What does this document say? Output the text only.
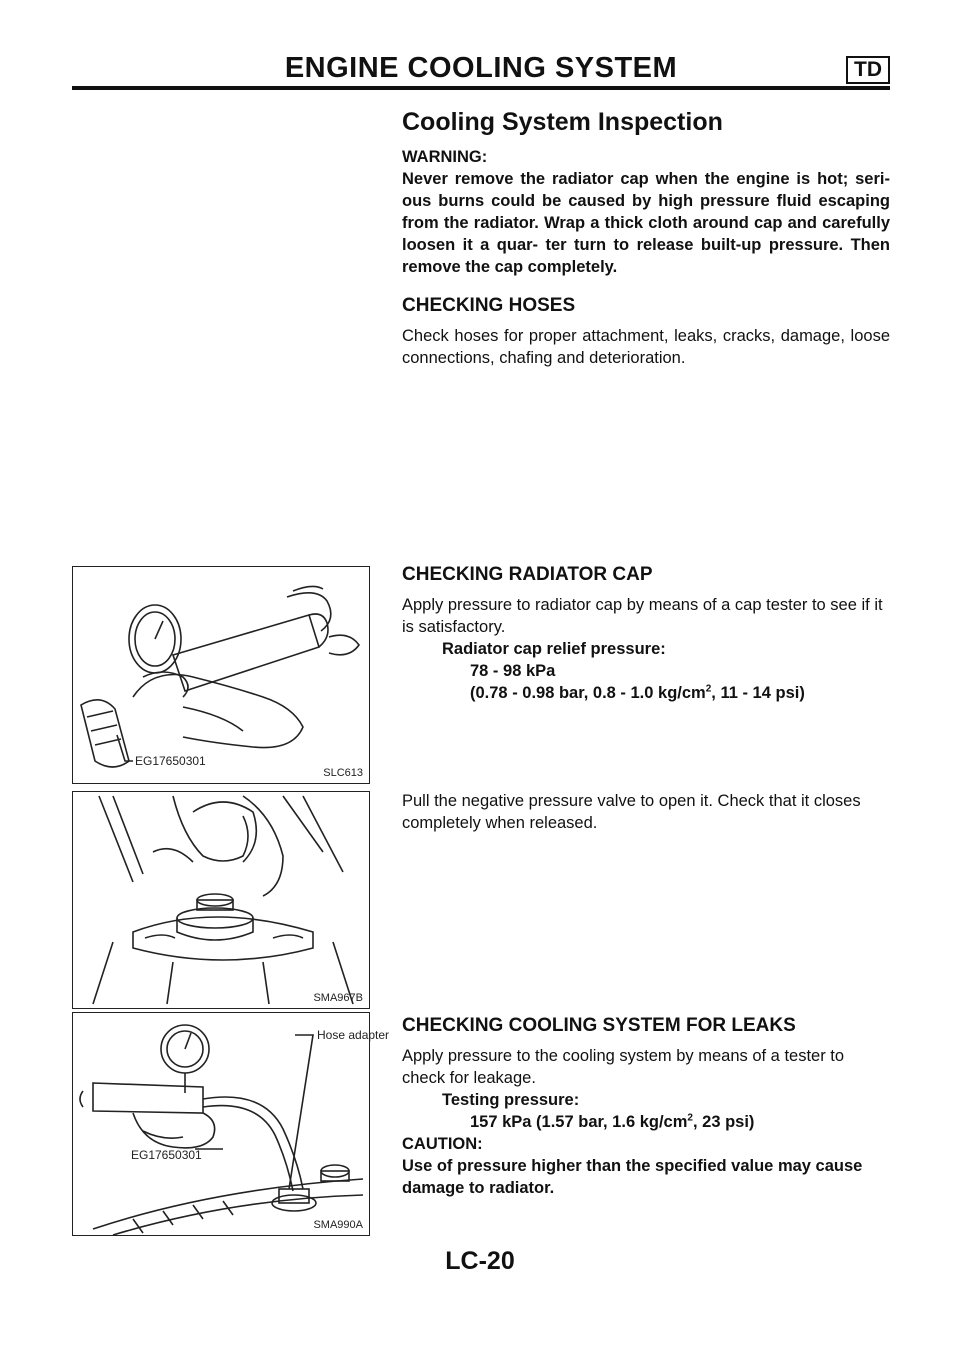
ENGINE COOLING SYSTEM	TD
Cooling System Inspection

WARNING:

Never remove the radiator cap when the engine is hot; seri- ous burns could be caused by high pressure fluid escaping from the radiator. Wrap a thick cloth around cap and carefully loosen it a quar- ter turn to release built-up pressure. Then remove the cap completely.

CHECKING HOSES

Check hoses for proper attachment, leaks, cracks, damage, loose connections, chafing and deterioration.

CHECKING RADIATOR CAP

Apply pressure to radiator cap by means of a cap tester to see if it is satisfactory.

Radiator cap relief pressure:

78 - 98 kPa

(0.78 - 0.98 bar, 0.8 - 1.0 $kg/cm^2$, 11 - 14 psi)

Pull the negative pressure valve to open it. Check that it closes completely when released.

CHECKING COOLING SYSTEM FOR LEAKS

Apply pressure to the cooling system by means of a tester to check for leakage.

Testing pressure:

157 kPa (1.57 bar, 1.6 $kg/cm^2$, 23 psi)

CAUTION:

Use of pressure higher than the specified value may cause damage to radiator.

EG17650301
SLC613
SMA967B
Hose adapter
EG17650301
SMA990A
LC-20
